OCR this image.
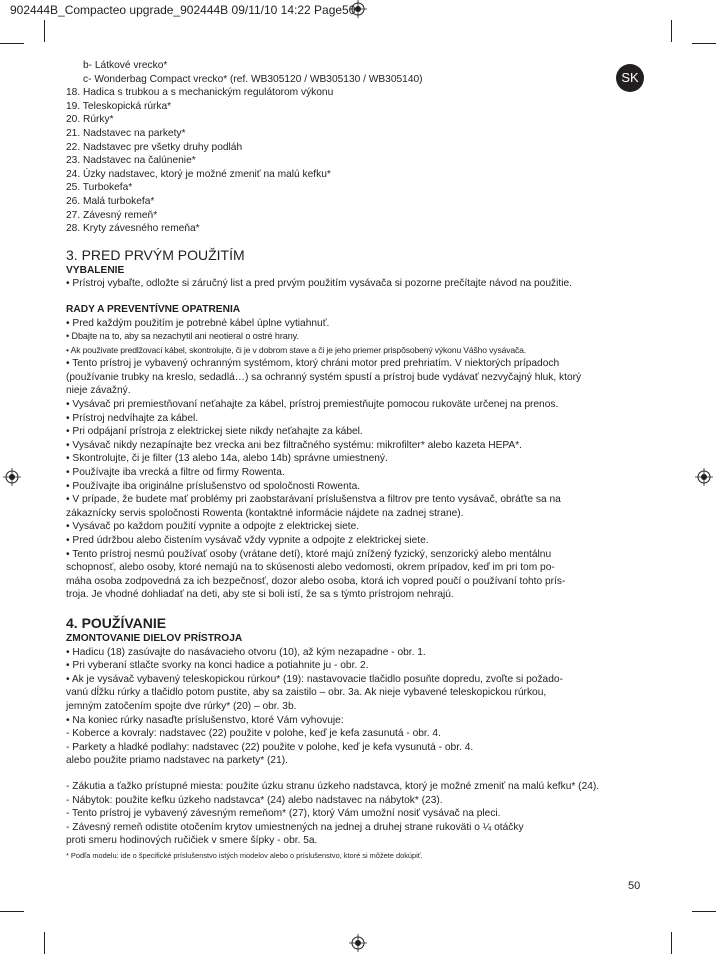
902444B_Compacteo upgrade_902444B 09/11/10 14:22 Page50
SK
b- Látkové vrecko*
c- Wonderbag Compact vrecko* (ref. WB305120 / WB305130 / WB305140)
18. Hadica s trubkou a s mechanickým regulátorom výkonu
19. Teleskopická rúrka*
20. Rúrky*
21. Nadstavec na parkety*
22. Nadstavec pre všetky druhy podláh
23. Nadstavec na čalúnenie*
24. Úzky nadstavec, ktorý je možné zmeniť na malú kefku*
25. Turbokefa*
26. Malá turbokefa*
27. Závesný remeň*
28. Kryty závesného remeňa*
3. PRED PRVÝM POUŽITÍM
VYBALENIE
• Prístroj vybaľte, odložte si záručný list a pred prvým použitím vysávača si pozorne prečítajte návod na použitie.
RADY A PREVENTÍVNE OPATRENIA
• Pred každým použitím je potrebné kábel úplne vytiahnuť.
• Dbajte na to, aby sa nezachytil ani neotieral o ostré hrany.
• Ak použivate predlžovací kábel, skontrolujte, či je v dobrom stave a či je jeho priemer prispôsobený výkonu Vášho vysávača.
• Tento prístroj je vybavený ochranným systémom, ktorý chráni motor pred prehriatím. V niektorých prípadoch
(používanie trubky na kreslo, sedadlá…) sa ochranný systém spustí a prístroj bude vydávať nezvyčajný hluk, ktorý
nieje závažný.
• Vysávač pri premiestňovaní neťahajte za kábel, prístroj premiestňujte pomocou rukoväte určenej na prenos.
• Prístroj nedvíhajte za kábel.
• Pri odpájaní prístroja z elektrickej siete nikdy neťahajte za kábel.
• Vysávač nikdy nezapínajte bez vrecka ani bez filtračného systému: mikrofilter* alebo kazeta HEPA*.
• Skontrolujte, či je filter (13 alebo 14a, alebo 14b) správne umiestnený.
• Používajte iba vrecká a filtre od firmy Rowenta.
• Používajte iba originálne príslušenstvo od spoločnosti Rowenta.
• V prípade, že budete mať problémy pri zaobstarávaní príslušenstva a filtrov pre tento vysávač, obráťte sa na
zákaznícky servis spoločnosti Rowenta (kontaktné informácie nájdete na zadnej strane).
• Vysávač po každom použití vypnite a odpojte z elektrickej siete.
• Pred údržbou alebo čistením vysávač vždy vypnite a odpojte z elektrickej siete.
• Tento prístroj nesmú používať osoby (vrátane detí), ktoré majú znížený fyzický, senzorický alebo mentálnu
schopnosť, alebo osoby, ktoré nemajú na to skúsenosti alebo vedomosti, okrem prípadov, keď im pri tom po-
máha osoba zodpovedná za ich bezpečnosť, dozor alebo osoba, ktorá ich vopred poučí o používaní tohto prís-
troja. Je vhodné dohliadať na deti, aby ste si boli istí, že sa s týmto prístrojom nehrajú.
4. POUŽÍVANIE
ZMONTOVANIE DIELOV PRÍSTROJA
• Hadicu (18) zasúvajte do nasávacieho otvoru (10), až kým nezapadne - obr. 1.
• Pri vyberaní stlačte svorky na konci hadice a potiahnite ju - obr. 2.
• Ak je vysávač vybavený teleskopickou rúrkou* (19): nastavovacie tlačidlo posuňte dopredu, zvoľte si požado-
vanú dĺžku rúrky a tlačidlo potom pustite, aby sa zaistilo – obr. 3a. Ak nieje vybavené teleskopickou rúrkou,
jemným zatočením spojte dve rúrky* (20) – obr. 3b.
• Na koniec rúrky nasaďte príslušenstvo, ktoré Vám vyhovuje:
- Koberce a kovraly: nadstavec (22) použite v polohe, keď je kefa zasunutá - obr. 4.
- Parkety a hladké podlahy: nadstavec (22) použite v polohe, keď je kefa vysunutá - obr. 4.
alebo použite priamo nadstavec na parkety* (21).
- Zákutia a ťažko prístupné miesta: použite úzku stranu úzkeho nadstavca, ktorý je možné zmeniť na malú kefku* (24).
- Nábytok: použite kefku úzkeho nadstavca* (24) alebo nadstavec na nábytok* (23).
- Tento prístroj je vybavený závesným remeňom* (27), ktorý Vám umožní nosiť vysávač na pleci.
- Závesný remeň odistite otočením krytov umiestnených na jednej a druhej strane rukoväti o ¼ otáčky
proti smeru hodinových ručičiek v smere šípky - obr. 5a.
* Podľa modelu: ide o špecifické príslušenstvo istých modelov alebo o príslušenstvo, ktoré si môžete dokúpiť.
50
